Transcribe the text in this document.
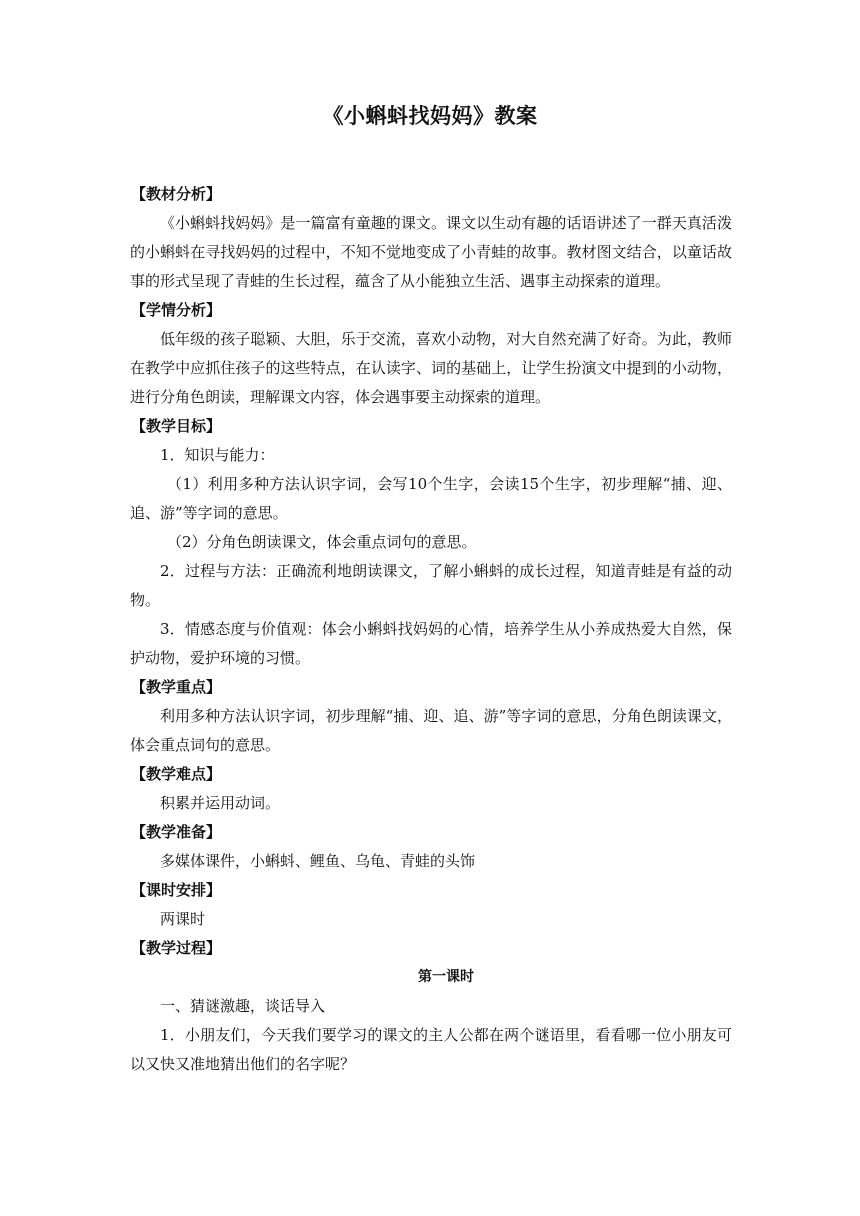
《小蝌蚪找妈妈》教案
【教材分析】

《小蝌蚪找妈妈》是一篇富有童趣的课文。课文以生动有趣的话语讲述了一群天真活泼的小蝌蚪在寻找妈妈的过程中，不知不觉地变成了小青蛙的故事。教材图文结合，以童话故事的形式呈现了青蛙的生长过程，蕴含了从小能独立生活、遇事主动探索的道理。

【学情分析】

低年级的孩子聪颖、大胆，乐于交流，喜欢小动物，对大自然充满了好奇。为此，教师在教学中应抓住孩子的这些特点，在认读字、词的基础上，让学生扮演文中提到的小动物，进行分角色朗读，理解课文内容，体会遇事要主动探索的道理。

【教学目标】

1．知识与能力：

（1）利用多种方法认识字词，会写10个生字，会读15个生字，初步理解“捕、迎、追、游”等字词的意思。

（2）分角色朗读课文，体会重点词句的意思。

2．过程与方法：正确流利地朗读课文，了解小蝌蚪的成长过程，知道青蛙是有益的动物。

3．情感态度与价值观：体会小蝌蚪找妈妈的心情，培养学生从小养成热爱大自然，保护动物，爱护环境的习惯。

【教学重点】

利用多种方法认识字词，初步理解“捕、迎、追、游”等字词的意思，分角色朗读课文，体会重点词句的意思。

【教学难点】

积累并运用动词。

【教学准备】

多媒体课件，小蝌蚪、鲤鱼、乌龟、青蛙的头饰

【课时安排】

两课时

【教学过程】
第一课时

一、猜谜激趣，谈话导入

1．小朋友们，今天我们要学习的课文的主人公都在两个谜语里，看看哪一位小朋友可以又快又准地猜出他们的名字呢？
